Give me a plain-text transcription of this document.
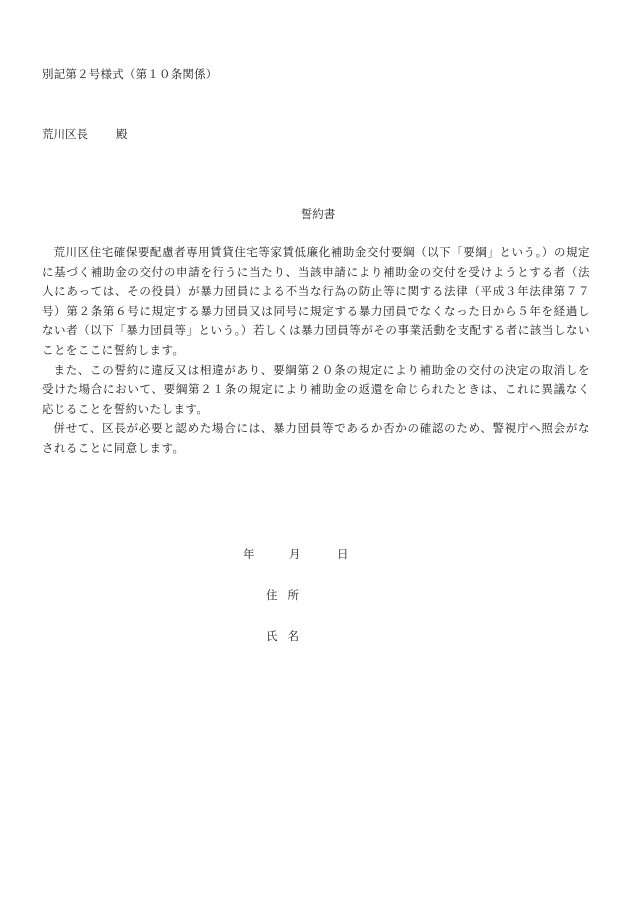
別記第２号様式（第１０条関係）
荒川区長 殿
誓約書

荒川区住宅確保要配慮者専用賃貸住宅等家賃低廉化補助金交付要綱（以下「要綱」という。）の規定に基づく補助金の交付の申請を行うに当たり、当該申請により補助金の交付を受けようとする者（法人にあっては、その役員）が暴力団員による不当な行為の防止等に関する法律（平成３年法律第７７号）第２条第６号に規定する暴力団員又は同号に規定する暴力団員でなくなった日から５年を経過しない者（以下「暴力団員等」という。）若しくは暴力団員等がその事業活動を支配する者に該当しないことをここに誓約します。

また、この誓約に違反又は相違があり、要綱第２０条の規定により補助金の交付の決定の取消しを受けた場合において、要綱第２１条の規定により補助金の返還を命じられたときは、これに異議なく応じることを誓約いたします。

併せて、区長が必要と認めた場合には、暴力団員等であるか否かの確認のため、警視庁へ照会がなされることに同意します。

年

	月

	日

住 所
氏 名
